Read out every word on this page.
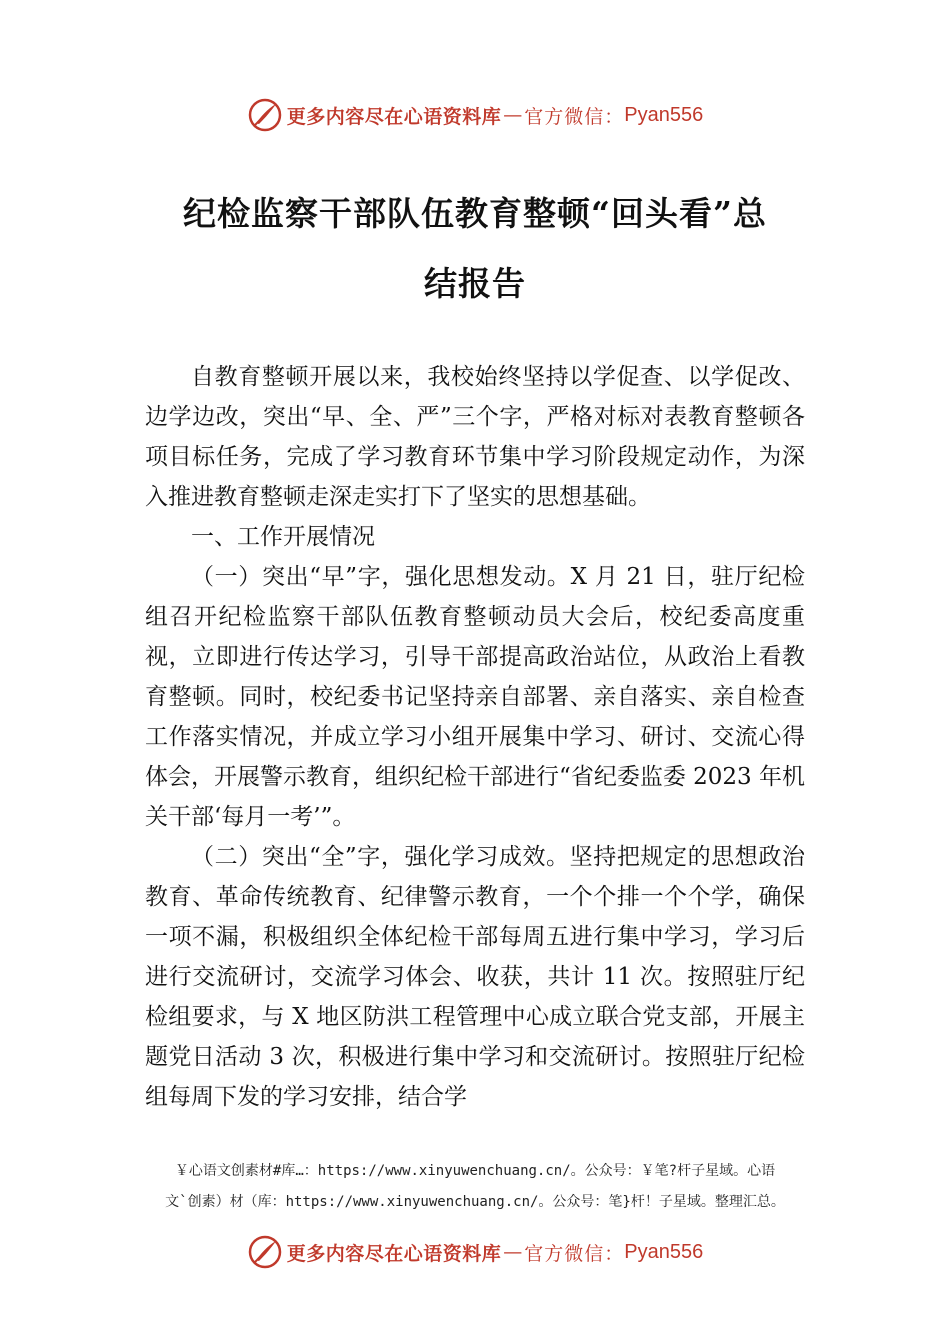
更多内容尽在心语资料库 — 官方微信： Pyan556
纪检监察干部队伍教育整顿“回头看”总
结报告

自教育整顿开展以来，我校始终坚持以学促查、以学促改、边学边改，突出“早、全、严”三个字，严格对标对表教育整顿各项目标任务，完成了学习教育环节集中学习阶段规定动作，为深入推进教育整顿走深走实打下了坚实的思想基础。

一、工作开展情况

（一）突出“早”字，强化思想发动。X 月 21 日，驻厅纪检组召开纪检监察干部队伍教育整顿动员大会后，校纪委高度重视，立即进行传达学习，引导干部提高政治站位，从政治上看教育整顿。同时，校纪委书记坚持亲自部署、亲自落实、亲自检查工作落实情况，并成立学习小组开展集中学习、研讨、交流心得体会，开展警示教育，组织纪检干部进行“省纪委监委 2023 年机关干部‘每月一考’”。

（二）突出“全”字，强化学习成效。坚持把规定的思想政治教育、革命传统教育、纪律警示教育，一个个排一个个学，确保一项不漏，积极组织全体纪检干部每周五进行集中学习，学习后进行交流研讨，交流学习体会、收获，共计 11 次。按照驻厅纪检组要求，与 X 地区防洪工程管理中心成立联合党支部，开展主题党日活动 3 次，积极进行集中学习和交流研讨。按照驻厅纪检组每周下发的学习安排，结合学

￥心语文创素材#库…：https://www.xinyuwenchuang.cn/。公众号：￥笔?杆子星域。心语
文`创素）材（库：https://www.xinyuwenchuang.cn/。公众号：笔}杆！子星域。整理汇总。
更多内容尽在心语资料库 — 官方微信： Pyan556
